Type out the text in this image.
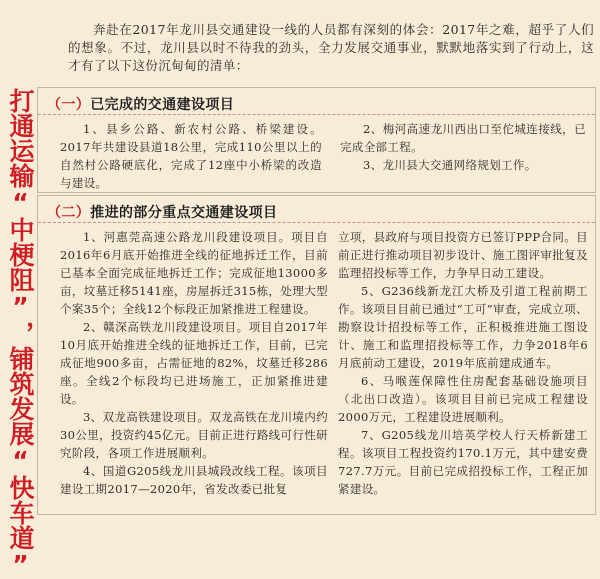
打通运输“中梗阻”，铺筑发展“快车道”

奔赴在2017年龙川县交通建设一线的人员都有深刻的体会：2017年之难，超乎了人们的想象。不过，龙川县以时不待我的劲头，全力发展交通事业，默默地落实到了行动上，这才有了以下这份沉甸甸的清单：

（一）已完成的交通建设项目

1、县乡公路、新农村公路、桥梁建设。2017年共建设县道18公里，完成110公里以上的自然村公路硬底化，完成了12座中小桥梁的改造与建设。

2、梅河高速龙川西出口至佗城连接线，已完成全部工程。

3、龙川县大交通网络规划工作。

（二）推进的部分重点交通建设项目

1、河惠莞高速公路龙川段建设项目。项目自2016年6月底开始推进全线的征地拆迁工作，目前已基本全面完成征地拆迁工作；完成征地13000多亩，坟墓迁移5141座，房屋拆迁315栋，处理大型个案35个；全线12个标段正加紧推进工程建设。

2、赣深高铁龙川段建设项目。项目自2017年10月底开始推进全线的征地拆迁工作，目前，已完成征地900多亩，占需征地的82%，坟墓迁移286座。全线2个标段均已进场施工，正加紧推进建设。

3、双龙高铁建设项目。双龙高铁在龙川境内约30公里，投资约45亿元。目前正进行路线可行性研究阶段，各项工作进展顺利。

4、国道G205线龙川县城段改线工程。该项目建设工期2017—2020年，省发改委已批复

立项，县政府与项目投资方已签订PPP合同。目前正进行推动项目初步设计、施工图评审批复及监理招投标等工作，力争早日动工建设。

5、G236线新龙江大桥及引道工程前期工作。该项目目前已通过“工可”审查，完成立项、勘察设计招投标等工作，正积极推进施工图设计、施工和监理招投标等工作，力争2018年6月底前动工建设，2019年底前建成通车。

6、马喉莲保障性住房配套基础设施项目（北出口改造）。该项目目前已完成工程建设2000万元，工程建设进展顺利。

7、G205线龙川培英学校人行天桥新建工程。该项目工程投资约170.1万元，其中建安费727.7万元。目前已完成招投标工作，工程正加紧建设。
